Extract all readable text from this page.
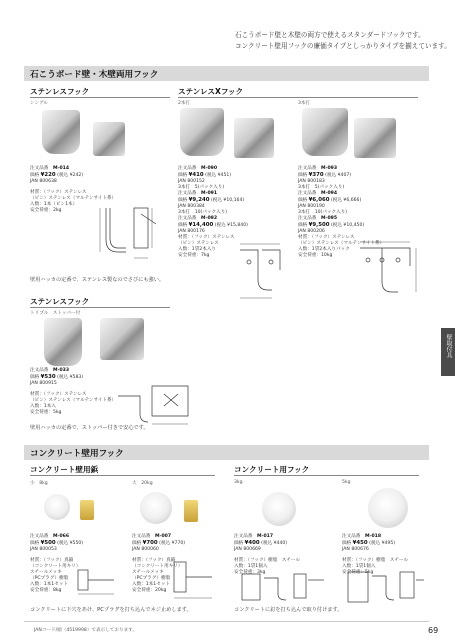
石こうボード壁と木壁の両方で使えるスタンダードフックです。
コンクリート壁用フックの廉価タイプとしっかりタイプを揃えています。
石こうボード壁・木壁両用フック
ステンレスフック
シングル
注文品番　 M-014
価格 ¥220 (税込 ¥242)
JAN 800638
材質：（フック）ステンレス
（ピン）ステンレス（マルテンサイト系）
入数：1本（ピン1本）
安全荷重：2kg
壁用ハッカの定番で、ステンレス製なのでさびにも強い。
ステンレスXフック
2本打	3本打
注文品番　 M-090
価格 ¥410 (税込 ¥451)
JAN 800152
3本打　5(パック入り)
注文品番　 M-091
価格 ¥9,240 (税込 ¥10,164)
JAN 800384
3本打　10(パック入り)
注文品番　 M-092
価格 ¥14,400 (税込 ¥15,840)
JAN 800176
材質：（フック）ステンレス
（ピン）ステンレス
入数：1袋2本入り
安全荷重：7kg
注文品番　 M-093
価格 ¥370 (税込 ¥407)
JAN 800183
3本打　5(パック入り)
注文品番　 M-094
価格 ¥6,060 (税込 ¥6,666)
JAN 800190
3本打　10(パック入り)
注文品番　 M-095
価格 ¥9,500 (税込 ¥10,450)
JAN 800206
材質：（フック）ステンレス
（ピン）ステンレス（マルテンサイト系）
入数：1袋2本入りパック
安全荷重：10kg
ステンレスフック
トリプル　ストッパー付
注文品番　 M-033
価格 ¥530 (税込 ¥583)
JAN 800915
材質：（フック）ステンレス
（ピン）ステンレス（マルテンサイト系）
入数：1本入
安全荷重：5kg
壁用ハッカの定番で、ストッパー付きで安心です。
コンクリート壁用フック
コンクリート壁用鋲
小　8kg	大　20kg
注文品番　 M-066
価格 ¥500 (税込 ¥550)
JAN 800053
材質：（フック）真鍮
（コンクリート用キリ）
スチールメッキ
（PCプラグ）樹脂
入数：1本1セット
安全荷重：8kg
注文品番　 M-007
価格 ¥700 (税込 ¥770)
JAN 800060
材質：（フック）真鍮
（コンクリート用キリ）
スチールメッキ
（PCプラグ）樹脂
入数：1本1セット
安全荷重：20kg
コンクリートに下穴をあけ、PCプラグを打ち込んでネジ止めします。
コンクリート用フック
3kg	5kg
注文品番　 M-017
価格 ¥400 (税込 ¥440)
JAN 800669
材質：（フック）樹脂　スチール
入数：1袋1個入
安全荷重：3kg
注文品番　 M-018
価格 ¥450 (税込 ¥495)
JAN 800676
材質：（フック）樹脂　スチール
入数：1袋1個入
安全荷重：5kg
コンクリートに釘を打ち込んで取り付けます。
壁取付具
JANコード/頭（4519998）で表示しております。	69
